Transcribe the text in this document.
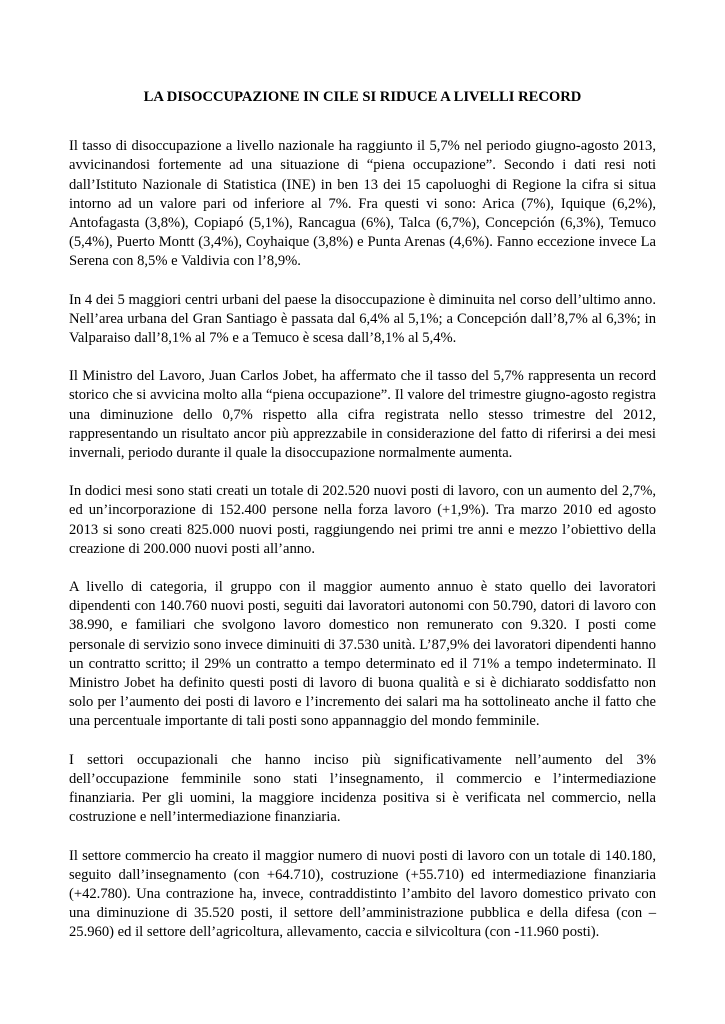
LA DISOCCUPAZIONE IN CILE SI RIDUCE A LIVELLI RECORD

Il tasso di disoccupazione a livello nazionale ha raggiunto il 5,7% nel periodo giugno-agosto 2013, avvicinandosi fortemente ad una situazione di “piena occupazione”. Secondo i dati resi noti dall’Istituto Nazionale di Statistica (INE) in ben 13 dei 15 capoluoghi di Regione la cifra si situa intorno ad un valore pari od inferiore al 7%. Fra questi vi sono: Arica (7%), Iquique (6,2%), Antofagasta (3,8%), Copiapó (5,1%), Rancagua (6%), Talca (6,7%), Concepción (6,3%), Temuco (5,4%), Puerto Montt (3,4%), Coyhaique (3,8%) e Punta Arenas (4,6%). Fanno eccezione invece La Serena con 8,5% e Valdivia con l’8,9%.

In 4 dei 5 maggiori centri urbani del paese la disoccupazione è diminuita nel corso dell’ultimo anno. Nell’area urbana del Gran Santiago è passata dal 6,4% al 5,1%; a Concepción dall’8,7% al 6,3%; in Valparaiso dall’8,1% al 7% e a Temuco è scesa dall’8,1% al 5,4%.

Il Ministro del Lavoro, Juan Carlos Jobet, ha affermato che il tasso del 5,7% rappresenta un record storico che si avvicina molto alla “piena occupazione”. Il valore del trimestre giugno-agosto registra una diminuzione dello 0,7% rispetto alla cifra registrata nello stesso trimestre del 2012, rappresentando un risultato ancor più apprezzabile in considerazione del fatto di riferirsi a dei mesi invernali, periodo durante il quale la disoccupazione normalmente aumenta.

In dodici mesi sono stati creati un totale di 202.520 nuovi posti di lavoro, con un aumento del 2,7%, ed un’incorporazione di 152.400 persone nella forza lavoro (+1,9%). Tra marzo 2010 ed agosto 2013 si sono creati 825.000 nuovi posti, raggiungendo nei primi tre anni e mezzo l’obiettivo della creazione di 200.000 nuovi posti all’anno.

A livello di categoria, il gruppo con il maggior aumento annuo è stato quello dei lavoratori dipendenti con 140.760 nuovi posti, seguiti dai lavoratori autonomi con 50.790, datori di lavoro con 38.990, e familiari che svolgono lavoro domestico non remunerato con 9.320. I posti come personale di servizio sono invece diminuiti di 37.530 unità. L’87,9% dei lavoratori dipendenti hanno un contratto scritto; il 29% un contratto a tempo determinato ed il 71% a tempo indeterminato. Il Ministro Jobet ha definito questi posti di lavoro di buona qualità e si è dichiarato soddisfatto non solo per l’aumento dei posti di lavoro e l’incremento dei salari ma ha sottolineato anche il fatto che una percentuale importante di tali posti sono appannaggio del mondo femminile.

I settori occupazionali che hanno inciso più significativamente nell’aumento del 3% dell’occupazione femminile sono stati l’insegnamento, il commercio e l’intermediazione finanziaria. Per gli uomini, la maggiore incidenza positiva si è verificata nel commercio, nella costruzione e nell’intermediazione finanziaria.

Il settore commercio ha creato il maggior numero di nuovi posti di lavoro con un totale di 140.180, seguito dall’insegnamento (con +64.710), costruzione (+55.710) ed intermediazione finanziaria (+42.780). Una contrazione ha, invece, contraddistinto l’ambito del lavoro domestico privato con una diminuzione di 35.520 posti, il settore dell’amministrazione pubblica e della difesa (con – 25.960) ed il settore dell’agricoltura, allevamento, caccia e silvicoltura (con -11.960 posti).
